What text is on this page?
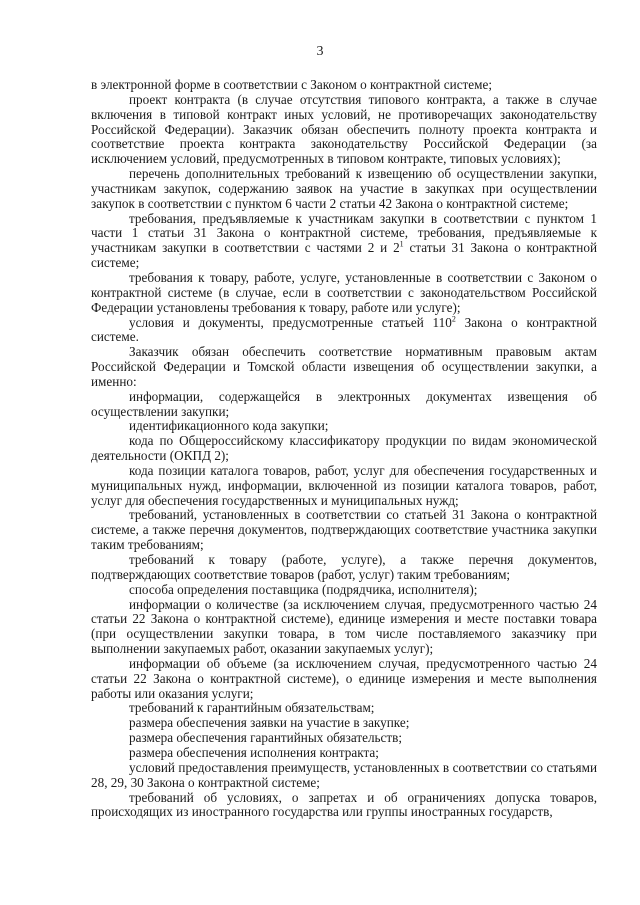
3

в электронной форме в соответствии с Законом о контрактной системе;

проект контракта (в случае отсутствия типового контракта, а также в случае включения в типовой контракт иных условий, не противоречащих законодательству Российской Федерации). Заказчик обязан обеспечить полноту проекта контракта и соответствие проекта контракта законодательству Российской Федерации (за исключением условий, предусмотренных в типовом контракте, типовых условиях);

перечень дополнительных требований к извещению об осуществлении закупки, участникам закупок, содержанию заявок на участие в закупках при осуществлении закупок в соответствии с пунктом 6 части 2 статьи 42 Закона о контрактной системе;

требования, предъявляемые к участникам закупки в соответствии с пунктом 1 части 1 статьи 31 Закона о контрактной системе, требования, предъявляемые к участникам закупки в соответствии с частями 2 и $2^1$ статьи 31 Закона о контрактной системе;

требования к товару, работе, услуге, установленные в соответствии с Законом о контрактной системе (в случае, если в соответствии с законодательством Российской Федерации установлены требования к товару, работе или услуге);

условия и документы, предусмотренные статьей $110^2$ Закона о контрактной системе.

Заказчик обязан обеспечить соответствие нормативным правовым актам Российской Федерации и Томской области извещения об осуществлении закупки, а именно:

информации, содержащейся в электронных документах извещения об осуществлении закупки;

идентификационного кода закупки;

кода по Общероссийскому классификатору продукции по видам экономической деятельности (ОКПД 2);

кода позиции каталога товаров, работ, услуг для обеспечения государственных и муниципальных нужд, информации, включенной из позиции каталога товаров, работ, услуг для обеспечения государственных и муниципальных нужд;

требований, установленных в соответствии со статьей 31 Закона о контрактной системе, а также перечня документов, подтверждающих соответствие участника закупки таким требованиям;

требований к товару (работе, услуге), а также перечня документов, подтверждающих соответствие товаров (работ, услуг) таким требованиям;

способа определения поставщика (подрядчика, исполнителя);

информации о количестве (за исключением случая, предусмотренного частью 24 статьи 22 Закона о контрактной системе), единице измерения и месте поставки товара (при осуществлении закупки товара, в том числе поставляемого заказчику при выполнении закупаемых работ, оказании закупаемых услуг);

информации об объеме (за исключением случая, предусмотренного частью 24 статьи 22 Закона о контрактной системе), о единице измерения и месте выполнения работы или оказания услуги;

требований к гарантийным обязательствам;

размера обеспечения заявки на участие в закупке;

размера обеспечения гарантийных обязательств;

размера обеспечения исполнения контракта;

условий предоставления преимуществ, установленных в соответствии со статьями 28, 29, 30 Закона о контрактной системе;

требований об условиях, о запретах и об ограничениях допуска товаров, происходящих из иностранного государства или группы иностранных государств,
